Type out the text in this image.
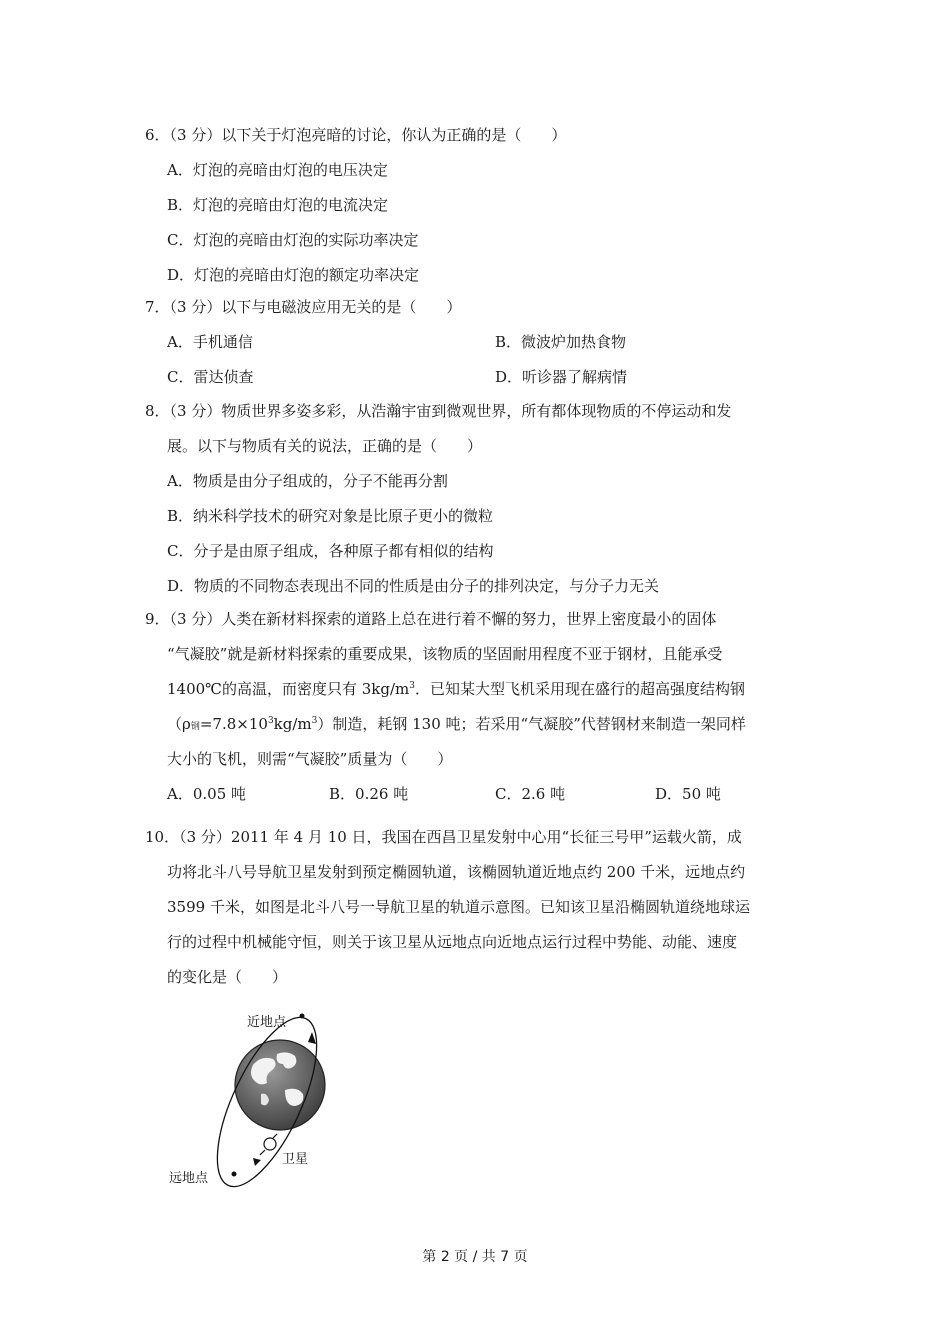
6．（3 分）以下关于灯泡亮暗的讨论，你认为正确的是（　　）
A．灯泡的亮暗由灯泡的电压决定
B．灯泡的亮暗由灯泡的电流决定
C．灯泡的亮暗由灯泡的实际功率决定
D．灯泡的亮暗由灯泡的额定功率决定
7．（3 分）以下与电磁波应用无关的是（　　）
A．手机通信	B．微波炉加热食物
C．雷达侦查	D．听诊器了解病情
8．（3 分）物质世界多姿多彩，从浩瀚宇宙到微观世界，所有都体现物质的不停运动和发
展。以下与物质有关的说法，正确的是（　　）
A．物质是由分子组成的，分子不能再分割
B．纳米科学技术的研究对象是比原子更小的微粒
C．分子是由原子组成，各种原子都有相似的结构
D．物质的不同物态表现出不同的性质是由分子的排列决定，与分子力无关
9．（3 分）人类在新材料探索的道路上总在进行着不懈的努力，世界上密度最小的固体
“气凝胶”就是新材料探索的重要成果，该物质的坚固耐用程度不亚于钢材，且能承受
1400℃的高温，而密度只有 $3kg/m^3$．已知某大型飞机采用现在盛行的超高强度结构钢
（ρ钢$=7.8\times 10^3kg/m^3$）制造，耗钢 130 吨；若采用“气凝胶”代替钢材来制造一架同样
大小的飞机，则需“气凝胶”质量为（　　）
A．0.05 吨	B．0.26 吨	C．2.6 吨	D．50 吨
10．（3 分）2011 年 4 月 10 日，我国在西昌卫星发射中心用“长征三号甲”运载火箭，成
功将北斗八号导航卫星发射到预定椭圆轨道，该椭圆轨道近地点约 200 千米，远地点约
3599 千米，如图是北斗八号一导航卫星的轨道示意图。已知该卫星沿椭圆轨道绕地球运
行的过程中机械能守恒，则关于该卫星从远地点向近地点运行过程中势能、动能、速度
的变化是（　　）
近地点
卫星
远地点
第 2 页 / 共 7 页
